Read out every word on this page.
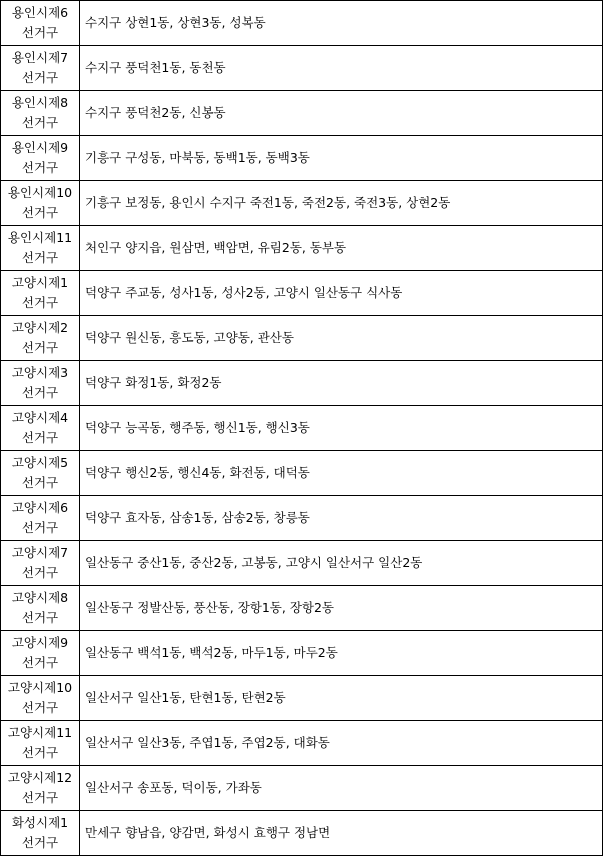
용인시제6
선거구	수지구 상현1동, 상현3동, 성복동

용인시제7
선거구	수지구 풍덕천1동, 동천동

용인시제8
선거구	수지구 풍덕천2동, 신봉동

용인시제9
선거구	기흥구 구성동, 마북동, 동백1동, 동백3동

용인시제10
선거구	기흥구 보정동, 용인시 수지구 죽전1동, 죽전2동, 죽전3동, 상현2동

용인시제11
선거구	처인구 양지읍, 원삼면, 백암면, 유림2동, 동부동

고양시제1
선거구	덕양구 주교동, 성사1동, 성사2동, 고양시 일산동구 식사동

고양시제2
선거구	덕양구 원신동, 흥도동, 고양동, 관산동

고양시제3
선거구	덕양구 화정1동, 화정2동

고양시제4
선거구	덕양구 능곡동, 행주동, 행신1동, 행신3동

고양시제5
선거구	덕양구 행신2동, 행신4동, 화전동, 대덕동

고양시제6
선거구	덕양구 효자동, 삼송1동, 삼송2동, 창릉동

고양시제7
선거구	일산동구 중산1동, 중산2동, 고봉동, 고양시 일산서구 일산2동

고양시제8
선거구	일산동구 정발산동, 풍산동, 장항1동, 장항2동

고양시제9
선거구	일산동구 백석1동, 백석2동, 마두1동, 마두2동

고양시제10
선거구	일산서구 일산1동, 탄현1동, 탄현2동

고양시제11
선거구	일산서구 일산3동, 주엽1동, 주엽2동, 대화동

고양시제12
선거구	일산서구 송포동, 덕이동, 가좌동

화성시제1
선거구	만세구 향남읍, 양감면, 화성시 효행구 정남면
